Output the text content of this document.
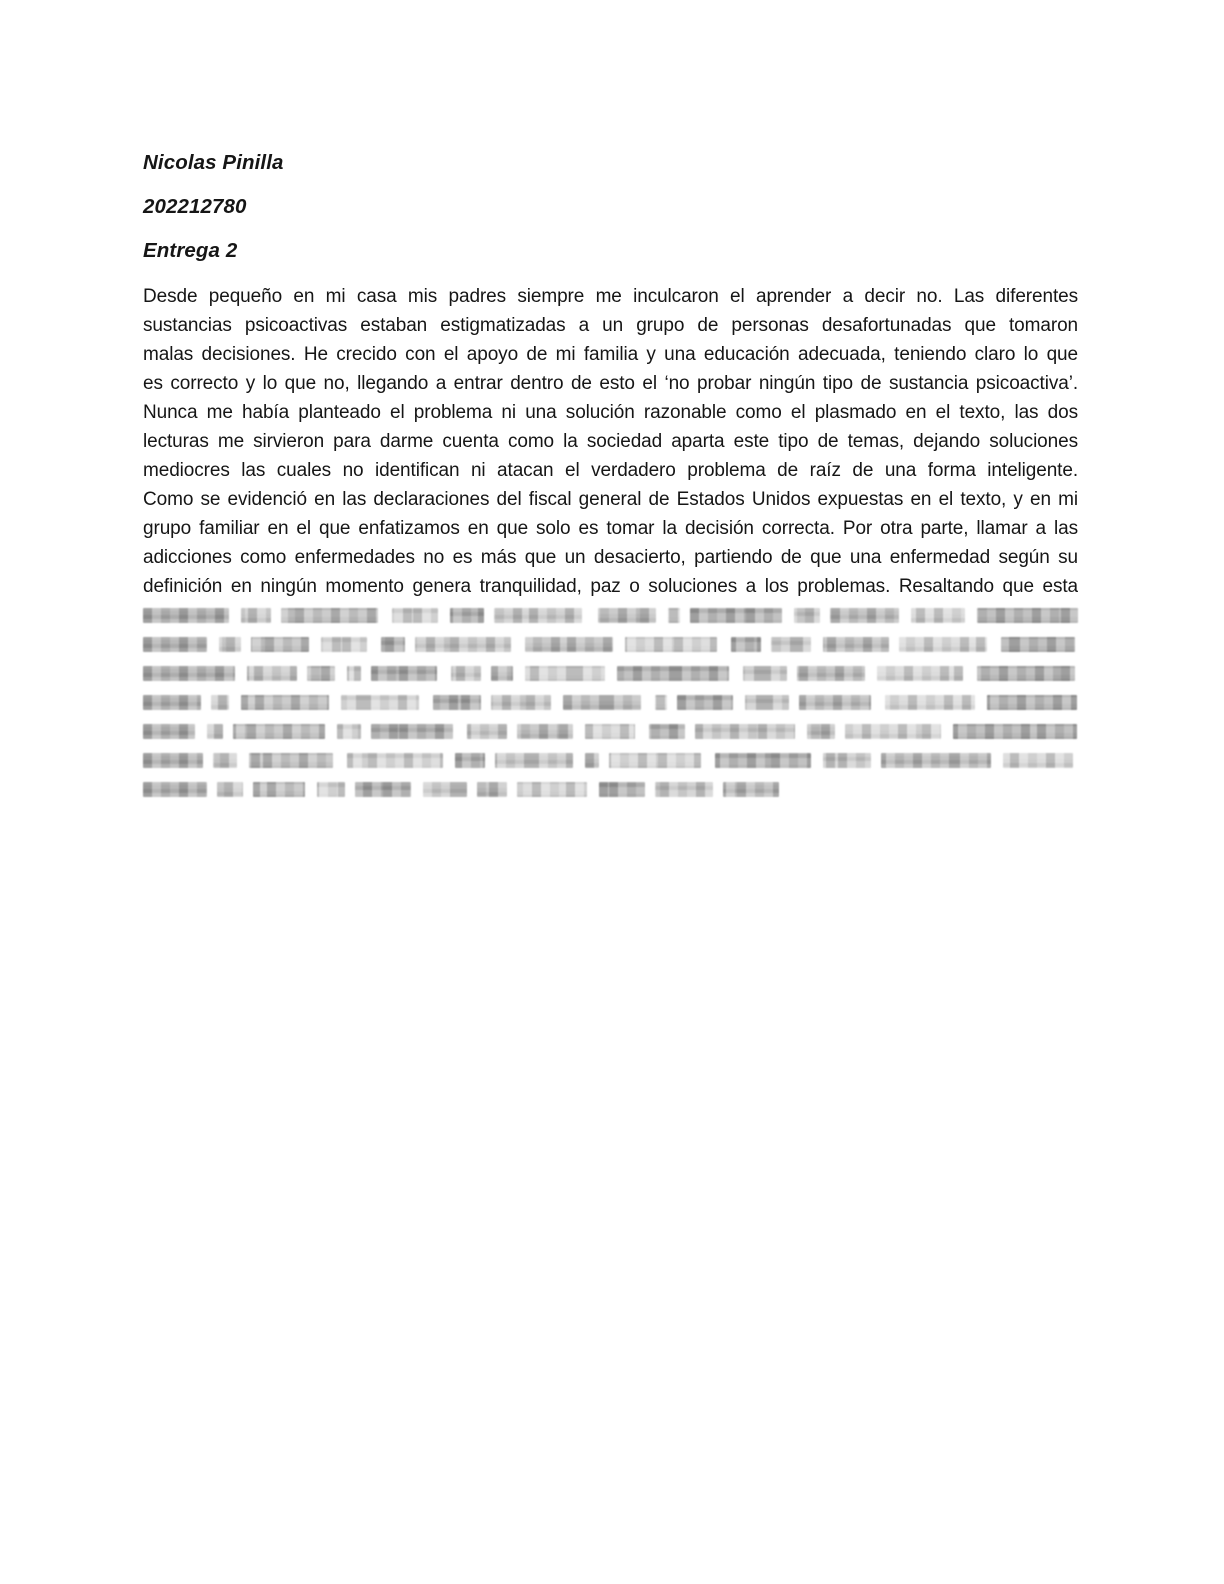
Nicolas Pinilla

202212780

Entrega 2

Desde pequeño en mi casa mis padres siempre me inculcaron el aprender a decir no. Las diferentes
sustancias psicoactivas estaban estigmatizadas a un grupo de personas desafortunadas que tomaron
malas decisiones. He crecido con el apoyo de mi familia y una educación adecuada, teniendo claro lo que
es correcto y lo que no, llegando a entrar dentro de esto el ‘no probar ningún tipo de sustancia psicoactiva’.
Nunca me había planteado el problema ni una solución razonable como el plasmado en el texto, las dos
lecturas me sirvieron para darme cuenta como la sociedad aparta este tipo de temas, dejando soluciones
mediocres las cuales no identifican ni atacan el verdadero problema de raíz de una forma inteligente.
Como se evidenció en las declaraciones del fiscal general de Estados Unidos expuestas en el texto, y en mi
grupo familiar en el que enfatizamos en que solo es tomar la decisión correcta. Por otra parte, llamar a las
adicciones como enfermedades no es más que un desacierto, partiendo de que una enfermedad según su
definición en ningún momento genera tranquilidad, paz o soluciones a los problemas. Resaltando que esta
